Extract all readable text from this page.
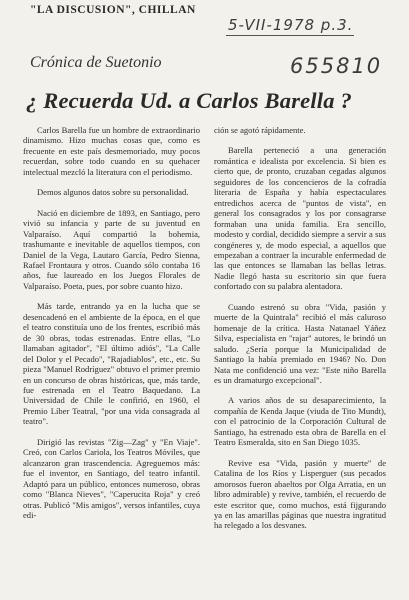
"LA DISCUSION", CHILLAN
5-VII-1978 p.3.
655810
Crónica de Suetonio
¿ Recuerda Ud. a Carlos Barella ?

Carlos Barella fue un hombre de extraordinario dinamismo. Hizo muchas cosas que, como es frecuente en este país desmemoriado, muy pocos recuerdan, sobre todo cuando en su quehacer intelectual mezcló la literatura con el periodismo.

Demos algunos datos sobre su personalidad.

Nació en diciembre de 1893, en Santiago, pero vivió su infancia y parte de su juventud en Valparaíso. Aquí compartió la bohemia, trashumante e inevitable de aquellos tiempos, con Daniel de la Vega, Lautaro García, Pedro Sienna, Rafael Frontaura y otros. Cuando sólo contaba 16 años, fue laureado en los Juegos Florales de Valparaíso. Poeta, pues, por sobre cuanto hizo.

Más tarde, entrando ya en la lucha que se desencadenó en el ambiente de la época, en el que el teatro constituía uno de los frentes, escribió más de 30 obras, todas estrenadas. Entre ellas, "Lo llamaban agitador", "El último adiós", "La Calle del Dolor y el Pecado", "Rajadiablos", etc., etc. Su pieza "Manuel Rodríguez" obtuvo el primer premio en un concurso de obras históricas, que, más tarde, fue estrenada en el Teatro Baquedano. La Universidad de Chile le confirió, en 1960, el Premio Líber Teatral, "por una vida consagrada al teatro".

Dirigió las revistas "Zig—Zag" y "En Viaje". Creó, con Carlos Cariola, los Teatros Móviles, que alcanzaron gran trascendencia. Agreguemos más: fue el inventor, en Santiago, del teatro infantil. Adaptó para un público, entonces numeroso, obras como "Blanca Nieves", "Caperucita Roja" y creó otras. Publicó "Mis amigos", versos infantiles, cuya edi-

ción se agotó rápidamente.

Barella perteneció a una generación romántica e idealista por excelencia. Si bien es cierto que, de pronto, cruzaban cegadas algunos seguidores de los concencieros de la cofradía literaria de España y había espectaculares entredichos acerca de "puntos de vista", en general los consagrados y los por consagrarse formaban una unida familia. Era sencillo, modesto y cordial, decidido siempre a servir a sus congéneres y, de modo especial, a aquellos que empezaban a contraer la incurable enfermedad de las que entonces se llamaban las bellas letras. Nadie llegó hasta su escritorio sin que fuera confortado con su palabra alentadora.

Cuando estrenó su obra "Vida, pasión y muerte de la Quintrala" recibió el más caluroso homenaje de la crítica. Hasta Natanael Yáñez Silva, especialista en "rajar" autores, le brindó un saludo. ¿Sería porque la Municipalidad de Santiago la había premiado en 1946? No. Don Nata me confidenció una vez: "Este niño Barella es un dramaturgo excepcional".

A varios años de su desaparecimiento, la compañía de Kenda Jaque (viuda de Tito Mundt), con el patrocinio de la Corporación Cultural de Santiago, ha estrenado esta obra de Barella en el Teatro Esmeralda, sito en San Diego 1035.

Revive esa "Vida, pasión y muerte" de Catalina de los Ríos y Lisperguer (sus pecados amorosos fueron abaeltos por Olga Arratia, en un libro admirable) y revive, también, el recuerdo de este escritor que, como muchos, está fijgurando ya en las amarillas páginas que nuestra ingratitud ha relegado a los desvanes.
